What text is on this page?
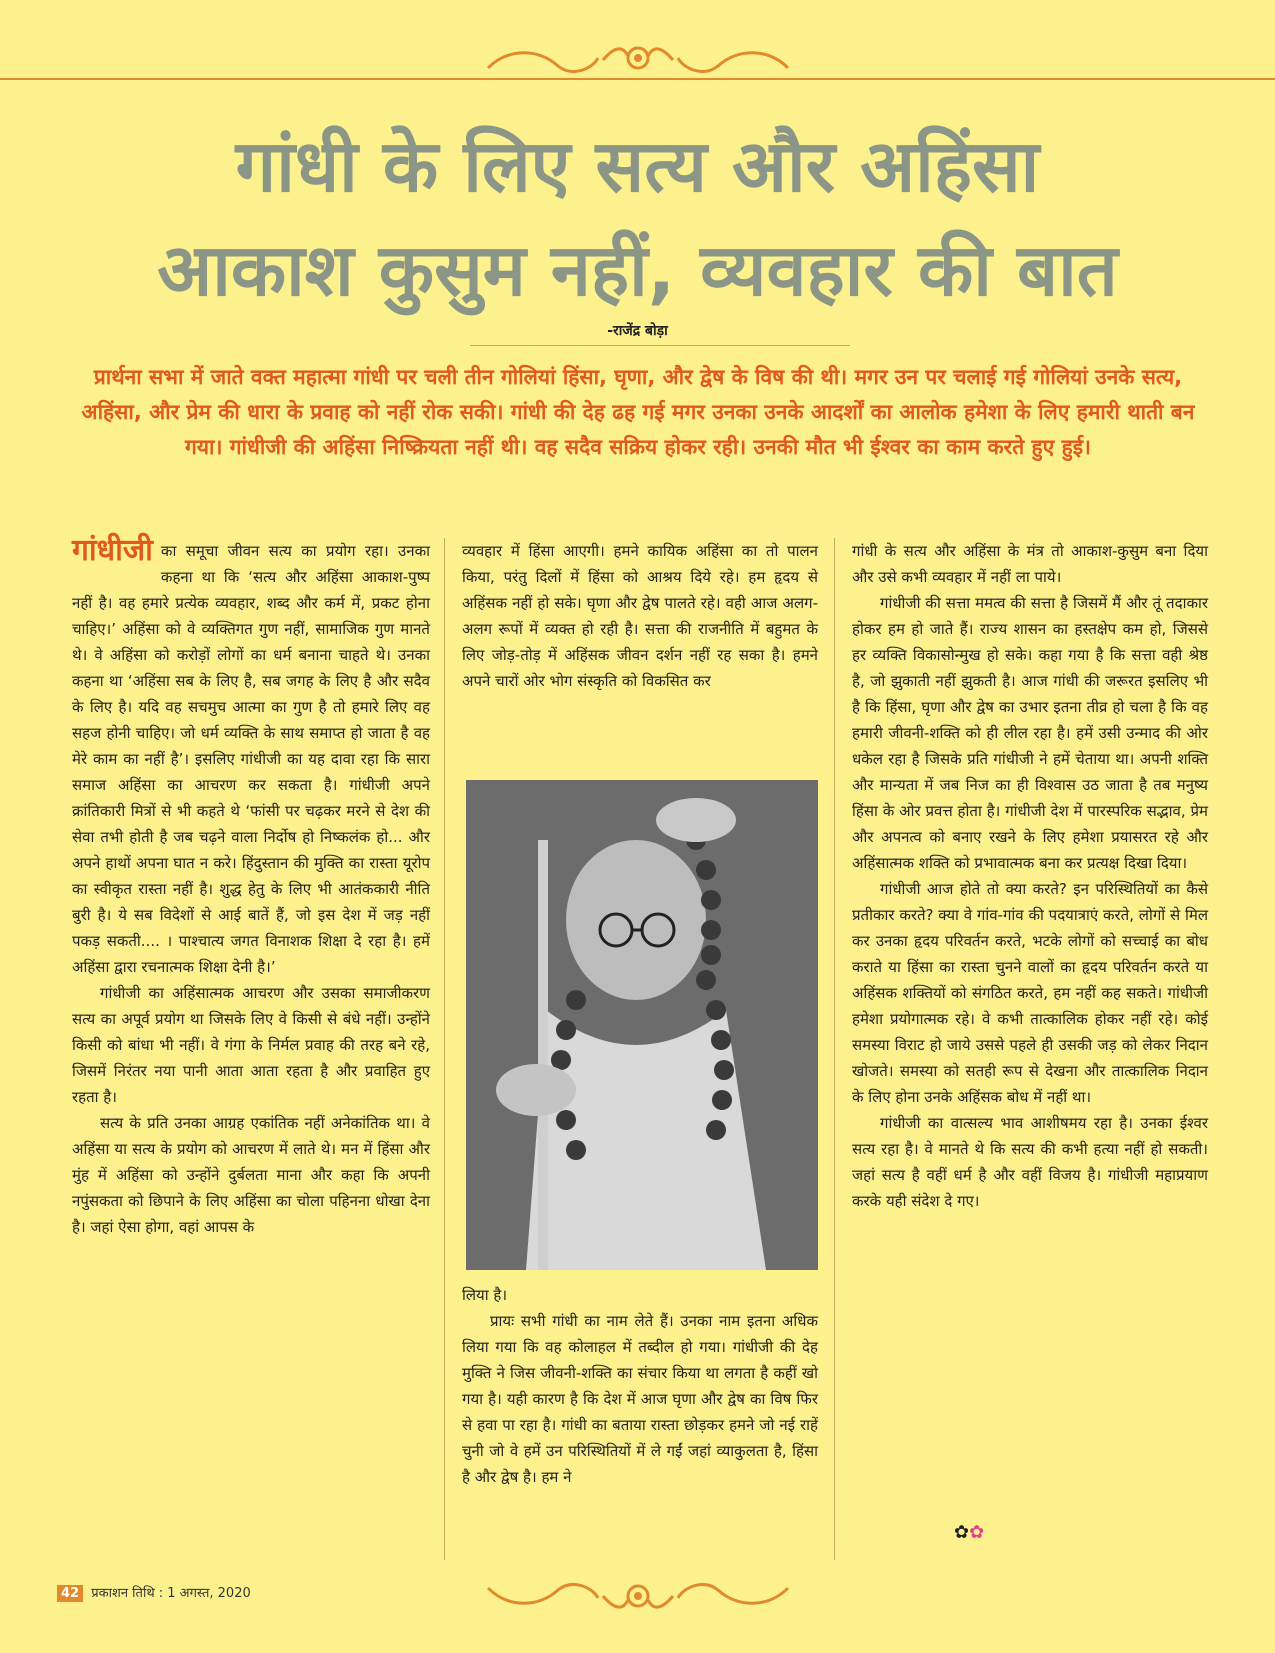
गांधी के लिए सत्य और अहिंसा
आकाश कुसुम नहीं, व्यवहार की बात
-राजेंद्र बोड़ा
प्रार्थना सभा में जाते वक्त महात्मा गांधी पर चली तीन गोलियां हिंसा, घृणा, और द्वेष के विष की थी। मगर उन पर चलाई गई गोलियां उनके सत्य, अहिंसा, और प्रेम की धारा के प्रवाह को नहीं रोक सकी। गांधी की देह ढह गई मगर उनका उनके आदर्शों का आलोक हमेशा के लिए हमारी थाती बन गया। गांधीजी की अहिंसा निष्क्रियता नहीं थी। वह सदैव सक्रिय होकर रही। उनकी मौत भी ईश्वर का काम करते हुए हुई।

गांधीजी का समूचा जीवन सत्य का प्रयोग रहा। उनका कहना था कि ‘सत्य और अहिंसा आकाश-पुष्प नहीं है। वह हमारे प्रत्येक व्यवहार, शब्द और कर्म में, प्रकट होना चाहिए।’ अहिंसा को वे व्यक्तिगत गुण नहीं, सामाजिक गुण मानते थे। वे अहिंसा को करोड़ों लोगों का धर्म बनाना चाहते थे। उनका कहना था ‘अहिंसा सब के लिए है, सब जगह के लिए है और सदैव के लिए है। यदि वह सचमुच आत्मा का गुण है तो हमारे लिए वह सहज होनी चाहिए। जो धर्म व्यक्ति के साथ समाप्त हो जाता है वह मेरे काम का नहीं है’। इसलिए गांधीजी का यह दावा रहा कि सारा समाज अहिंसा का आचरण कर सकता है। गांधीजी अपने क्रांतिकारी मित्रों से भी कहते थे ‘फांसी पर चढ़कर मरने से देश की सेवा तभी होती है जब चढ़ने वाला निर्दोष हो निष्कलंक हो... और अपने हाथों अपना घात न करे। हिंदुस्तान की मुक्ति का रास्ता यूरोप का स्वीकृत रास्ता नहीं है। शुद्ध हेतु के लिए भी आतंककारी नीति बुरी है। ये सब विदेशों से आई बातें हैं, जो इस देश में जड़ नहीं पकड़ सकती.... । पाश्चात्य जगत विनाशक शिक्षा दे रहा है। हमें अहिंसा द्वारा रचनात्मक शिक्षा देनी है।’

गांधीजी का अहिंसात्मक आचरण और उसका समाजीकरण सत्य का अपूर्व प्रयोग था जिसके लिए वे किसी से बंधे नहीं। उन्होंने किसी को बांधा भी नहीं। वे गंगा के निर्मल प्रवाह की तरह बने रहे, जिसमें निरंतर नया पानी आता आता रहता है और प्रवाहित हुए रहता है।

सत्य के प्रति उनका आग्रह एकांतिक नहीं अनेकांतिक था। वे अहिंसा या सत्य के प्रयोग को आचरण में लाते थे। मन में हिंसा और मुंह में अहिंसा को उन्होंने दुर्बलता माना और कहा कि अपनी नपुंसकता को छिपाने के लिए अहिंसा का चोला पहिनना धोखा देना है। जहां ऐसा होगा, वहां आपस के

व्यवहार में हिंसा आएगी। हमने कायिक अहिंसा का तो पालन किया, परंतु दिलों में हिंसा को आश्रय दिये रहे। हम हृदय से अहिंसक नहीं हो सके। घृणा और द्वेष पालते रहे। वही आज अलग-अलग रूपों में व्यक्त हो रही है। सत्ता की राजनीति में बहुमत के लिए जोड़-तोड़ में अहिंसक जीवन दर्शन नहीं रह सका है। हमने अपने चारों ओर भोग संस्कृति को विकसित कर

लिया है।

प्रायः सभी गांधी का नाम लेते हैं। उनका नाम इतना अधिक लिया गया कि वह कोलाहल में तब्दील हो गया। गांधीजी की देह मुक्ति ने जिस जीवनी-शक्ति का संचार किया था लगता है कहीं खो गया है। यही कारण है कि देश में आज घृणा और द्वेष का विष फिर से हवा पा रहा है। गांधी का बताया रास्ता छोड़कर हमने जो नई राहें चुनी जो वे हमें उन परिस्थितियों में ले गईं जहां व्याकुलता है, हिंसा है और द्वेष है। हम ने

गांधी के सत्य और अहिंसा के मंत्र तो आकाश-कुसुम बना दिया और उसे कभी व्यवहार में नहीं ला पाये।

गांधीजी की सत्ता ममत्व की सत्ता है जिसमें मैं और तूं तदाकार होकर हम हो जाते हैं। राज्य शासन का हस्तक्षेप कम हो, जिससे हर व्यक्ति विकासोन्मुख हो सके। कहा गया है कि सत्ता वही श्रेष्ठ है, जो झुकाती नहीं झुकती है। आज गांधी की जरूरत इसलिए भी है कि हिंसा, घृणा और द्वेष का उभार इतना तीव्र हो चला है कि वह हमारी जीवनी-शक्ति को ही लील रहा है। हमें उसी उन्माद की ओर धकेल रहा है जिसके प्रति गांधीजी ने हमें चेताया था। अपनी शक्ति और मान्यता में जब निज का ही विश्वास उठ जाता है तब मनुष्य हिंसा के ओर प्रवत्त होता है। गांधीजी देश में पारस्परिक सद्भाव, प्रेम और अपनत्व को बनाए रखने के लिए हमेशा प्रयासरत रहे और अहिंसात्मक शक्ति को प्रभावात्मक बना कर प्रत्यक्ष दिखा दिया।

गांधीजी आज होते तो क्या करते? इन परिस्थितियों का कैसे प्रतीकार करते? क्या वे गांव-गांव की पदयात्राएं करते, लोगों से मिल कर उनका हृदय परिवर्तन करते, भटके लोगों को सच्चाई का बोध कराते या हिंसा का रास्ता चुनने वालों का हृदय परिवर्तन करते या अहिंसक शक्तियों को संगठित करते, हम नहीं कह सकते। गांधीजी हमेशा प्रयोगात्मक रहे। वे कभी तात्कालिक होकर नहीं रहे। कोई समस्या विराट हो जाये उससे पहले ही उसकी जड़ को लेकर निदान खोजते। समस्या को सतही रूप से देखना और तात्कालिक निदान के लिए होना उनके अहिंसक बोध में नहीं था।

गांधीजी का वात्सल्य भाव आशीषमय रहा है। उनका ईश्वर सत्य रहा है। वे मानते थे कि सत्य की कभी हत्या नहीं हो सकती। जहां सत्य है वहीं धर्म है और वहीं विजय है। गांधीजी महाप्रयाण करके यही संदेश दे गए।

✿✿
42 प्रकाशन तिथि : 1 अगस्त, 2020
